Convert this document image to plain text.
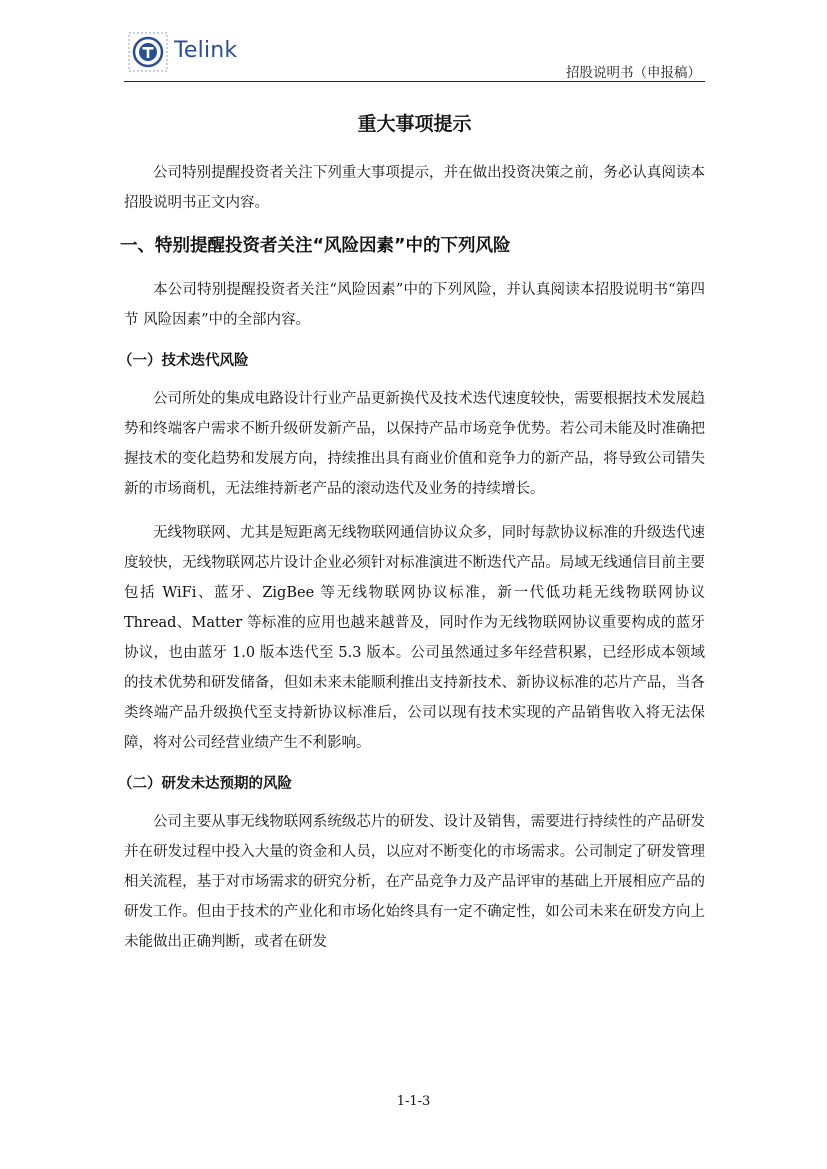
Telink
招股说明书（申报稿）
重大事项提示

公司特别提醒投资者关注下列重大事项提示，并在做出投资决策之前，务必认真阅读本招股说明书正文内容。

一、特别提醒投资者关注“风险因素”中的下列风险

本公司特别提醒投资者关注“风险因素”中的下列风险，并认真阅读本招股说明书“第四节 风险因素”中的全部内容。

（一）技术迭代风险

公司所处的集成电路设计行业产品更新换代及技术迭代速度较快，需要根据技术发展趋势和终端客户需求不断升级研发新产品，以保持产品市场竞争优势。若公司未能及时准确把握技术的变化趋势和发展方向，持续推出具有商业价值和竞争力的新产品，将导致公司错失新的市场商机，无法维持新老产品的滚动迭代及业务的持续增长。

无线物联网、尤其是短距离无线物联网通信协议众多，同时每款协议标准的升级迭代速度较快，无线物联网芯片设计企业必须针对标准演进不断迭代产品。局域无线通信目前主要包括 WiFi、蓝牙、ZigBee 等无线物联网协议标准，新一代低功耗无线物联网协议 Thread、Matter 等标准的应用也越来越普及，同时作为无线物联网协议重要构成的蓝牙协议，也由蓝牙 1.0 版本迭代至 5.3 版本。公司虽然通过多年经营积累，已经形成本领域的技术优势和研发储备，但如未来未能顺利推出支持新技术、新协议标准的芯片产品，当各类终端产品升级换代至支持新协议标准后，公司以现有技术实现的产品销售收入将无法保障，将对公司经营业绩产生不利影响。

（二）研发未达预期的风险

公司主要从事无线物联网系统级芯片的研发、设计及销售，需要进行持续性的产品研发并在研发过程中投入大量的资金和人员，以应对不断变化的市场需求。公司制定了研发管理相关流程，基于对市场需求的研究分析，在产品竞争力及产品评审的基础上开展相应产品的研发工作。但由于技术的产业化和市场化始终具有一定不确定性，如公司未来在研发方向上未能做出正确判断，或者在研发

1-1-3
